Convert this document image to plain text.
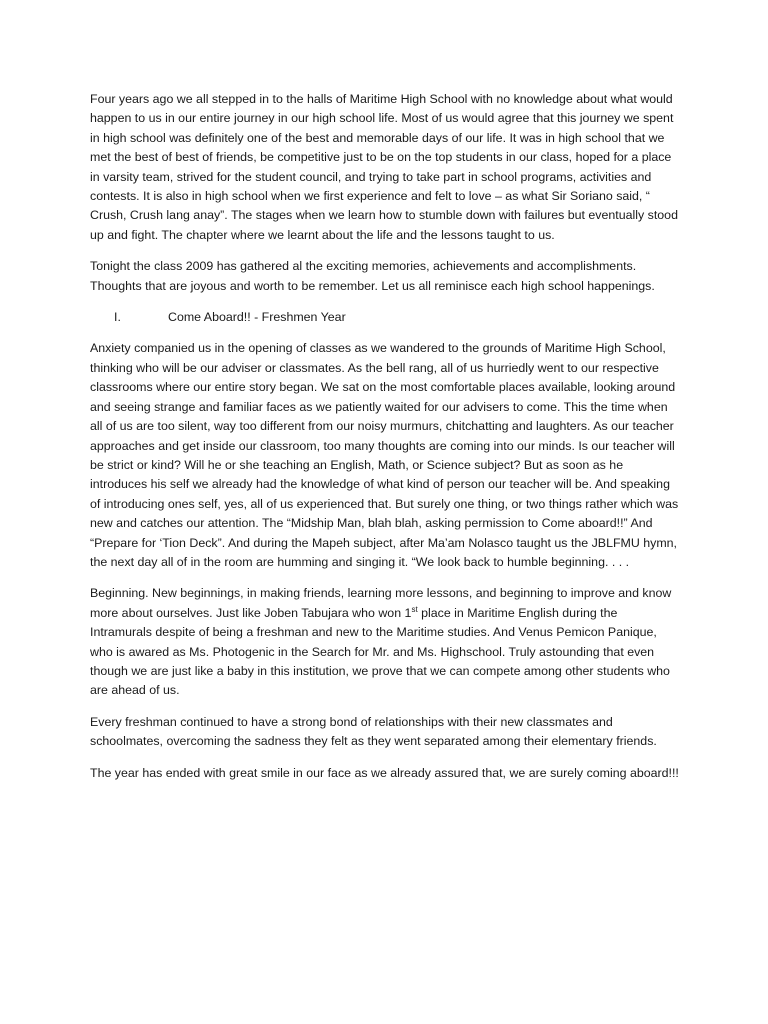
Four years ago we all stepped in to the halls of Maritime High School with no knowledge about what would happen to us in our entire journey in our high school life. Most of us would agree that this journey we spent in high school was definitely one of the best and memorable days of our life. It was in high school that we met the best of best of friends, be competitive just to be on the top students in our class, hoped for a place in varsity team, strived for the student council, and trying to take part in school programs, activities and contests. It is also in high school when we first experience and felt to love – as what Sir Soriano said, “ Crush, Crush lang anay”. The stages when we learn how to stumble down with failures but eventually stood up and fight. The chapter where we learnt about the life and the lessons taught to us.

Tonight the class 2009 has gathered al the exciting memories, achievements and accomplishments. Thoughts that are joyous and worth to be remember. Let us all reminisce each high school happenings.

I.	Come Aboard!! - Freshmen Year

Anxiety companied us in the opening of classes as we wandered to the grounds of Maritime High School, thinking who will be our adviser or classmates. As the bell rang, all of us hurriedly went to our respective classrooms where our entire story began. We sat on the most comfortable places available, looking around and seeing strange and familiar faces as we patiently waited for our advisers to come. This the time when all of us are too silent, way too different from our noisy murmurs, chitchatting and laughters. As our teacher approaches and get inside our classroom, too many thoughts are coming into our minds. Is our teacher will be strict or kind? Will he or she teaching an English, Math, or Science subject? But as soon as he introduces his self we already had the knowledge of what kind of person our teacher will be. And speaking of introducing ones self, yes, all of us experienced that. But surely one thing, or two things rather which was new and catches our attention. The “Midship Man, blah blah, asking permission to Come aboard!!” And “Prepare for ‘Tion Deck”. And during the Mapeh subject, after Ma’am Nolasco taught us the JBLFMU hymn, the next day all of in the room are humming and singing it. “We look back to humble beginning. . . .

Beginning. New beginnings, in making friends, learning more lessons, and beginning to improve and know more about ourselves. Just like Joben Tabujara who won 1st place in Maritime English during the Intramurals despite of being a freshman and new to the Maritime studies. And Venus Pemicon Panique, who is awared as Ms. Photogenic in the Search for Mr. and Ms. Highschool. Truly astounding that even though we are just like a baby in this institution, we prove that we can compete among other students who are ahead of us.

Every freshman continued to have a strong bond of relationships with their new classmates and schoolmates, overcoming the sadness they felt as they went separated among their elementary friends.

The year has ended with great smile in our face as we already assured that, we are surely coming aboard!!!
